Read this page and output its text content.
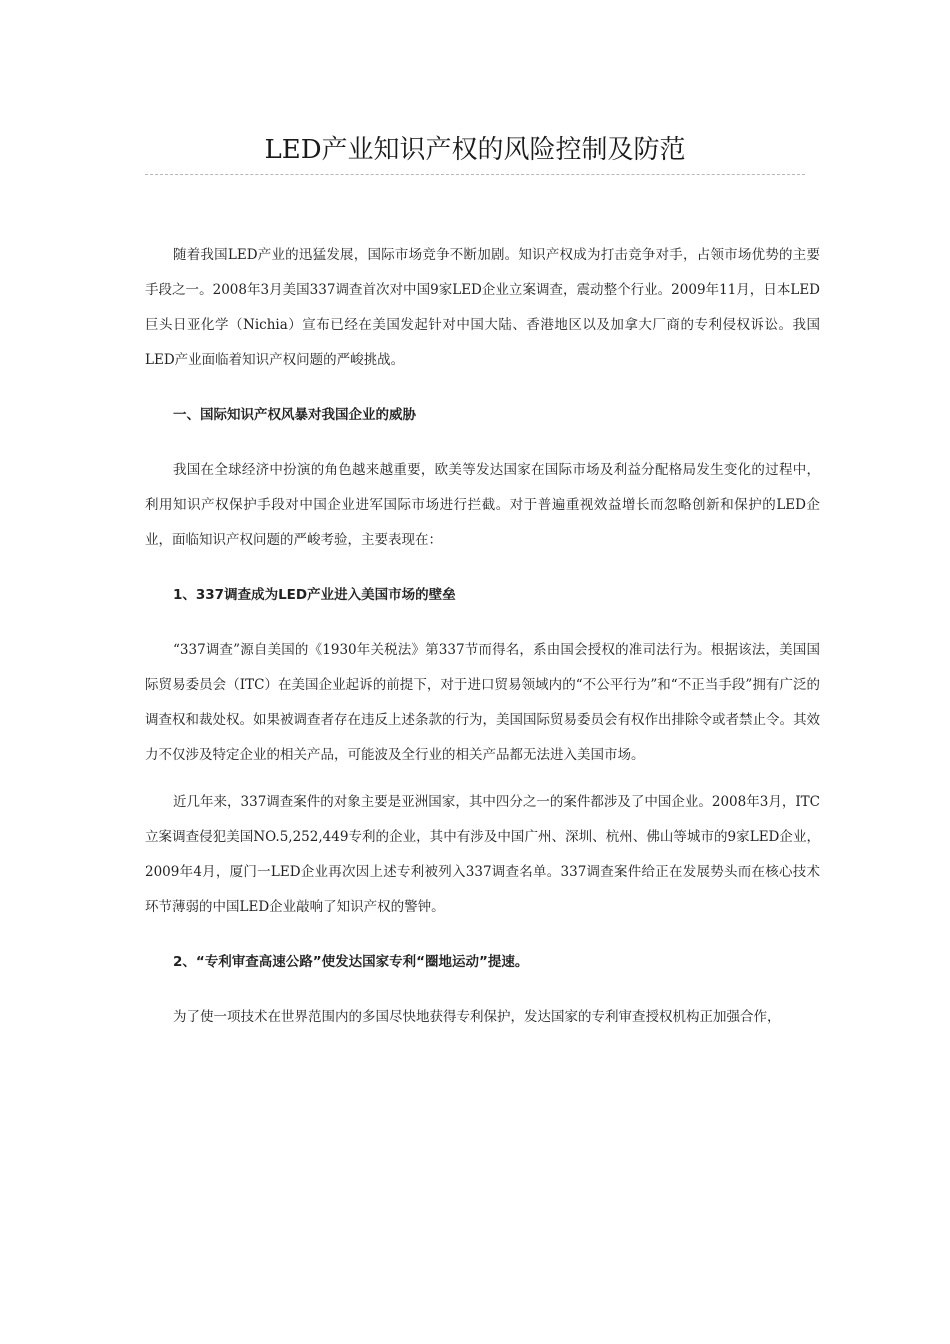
LED产业知识产权的风险控制及防范

随着我国LED产业的迅猛发展，国际市场竞争不断加剧。知识产权成为打击竞争对手，占领市场优势的主要手段之一。2008年3月美国337调查首次对中国9家LED企业立案调查，震动整个行业。2009年11月，日本LED巨头日亚化学（Nichia）宣布已经在美国发起针对中国大陆、香港地区以及加拿大厂商的专利侵权诉讼。我国LED产业面临着知识产权问题的严峻挑战。

一、国际知识产权风暴对我国企业的威胁

我国在全球经济中扮演的角色越来越重要，欧美等发达国家在国际市场及利益分配格局发生变化的过程中，利用知识产权保护手段对中国企业进军国际市场进行拦截。对于普遍重视效益增长而忽略创新和保护的LED企业，面临知识产权问题的严峻考验，主要表现在：

1、337调查成为LED产业进入美国市场的壁垒

“337调查”源自美国的《1930年关税法》第337节而得名，系由国会授权的准司法行为。根据该法，美国国际贸易委员会（ITC）在美国企业起诉的前提下，对于进口贸易领域内的“不公平行为”和“不正当手段”拥有广泛的调查权和裁处权。如果被调查者存在违反上述条款的行为，美国国际贸易委员会有权作出排除令或者禁止令。其效力不仅涉及特定企业的相关产品，可能波及全行业的相关产品都无法进入美国市场。

近几年来，337调查案件的对象主要是亚洲国家，其中四分之一的案件都涉及了中国企业。2008年3月，ITC立案调查侵犯美国NO.5,252,449专利的企业，其中有涉及中国广州、深圳、杭州、佛山等城市的9家LED企业，2009年4月，厦门一LED企业再次因上述专利被列入337调查名单。337调查案件给正在发展势头而在核心技术环节薄弱的中国LED企业敲响了知识产权的警钟。

2、“专利审查高速公路”使发达国家专利“圈地运动”提速。

为了使一项技术在世界范围内的多国尽快地获得专利保护，发达国家的专利审查授权机构正加强合作，
